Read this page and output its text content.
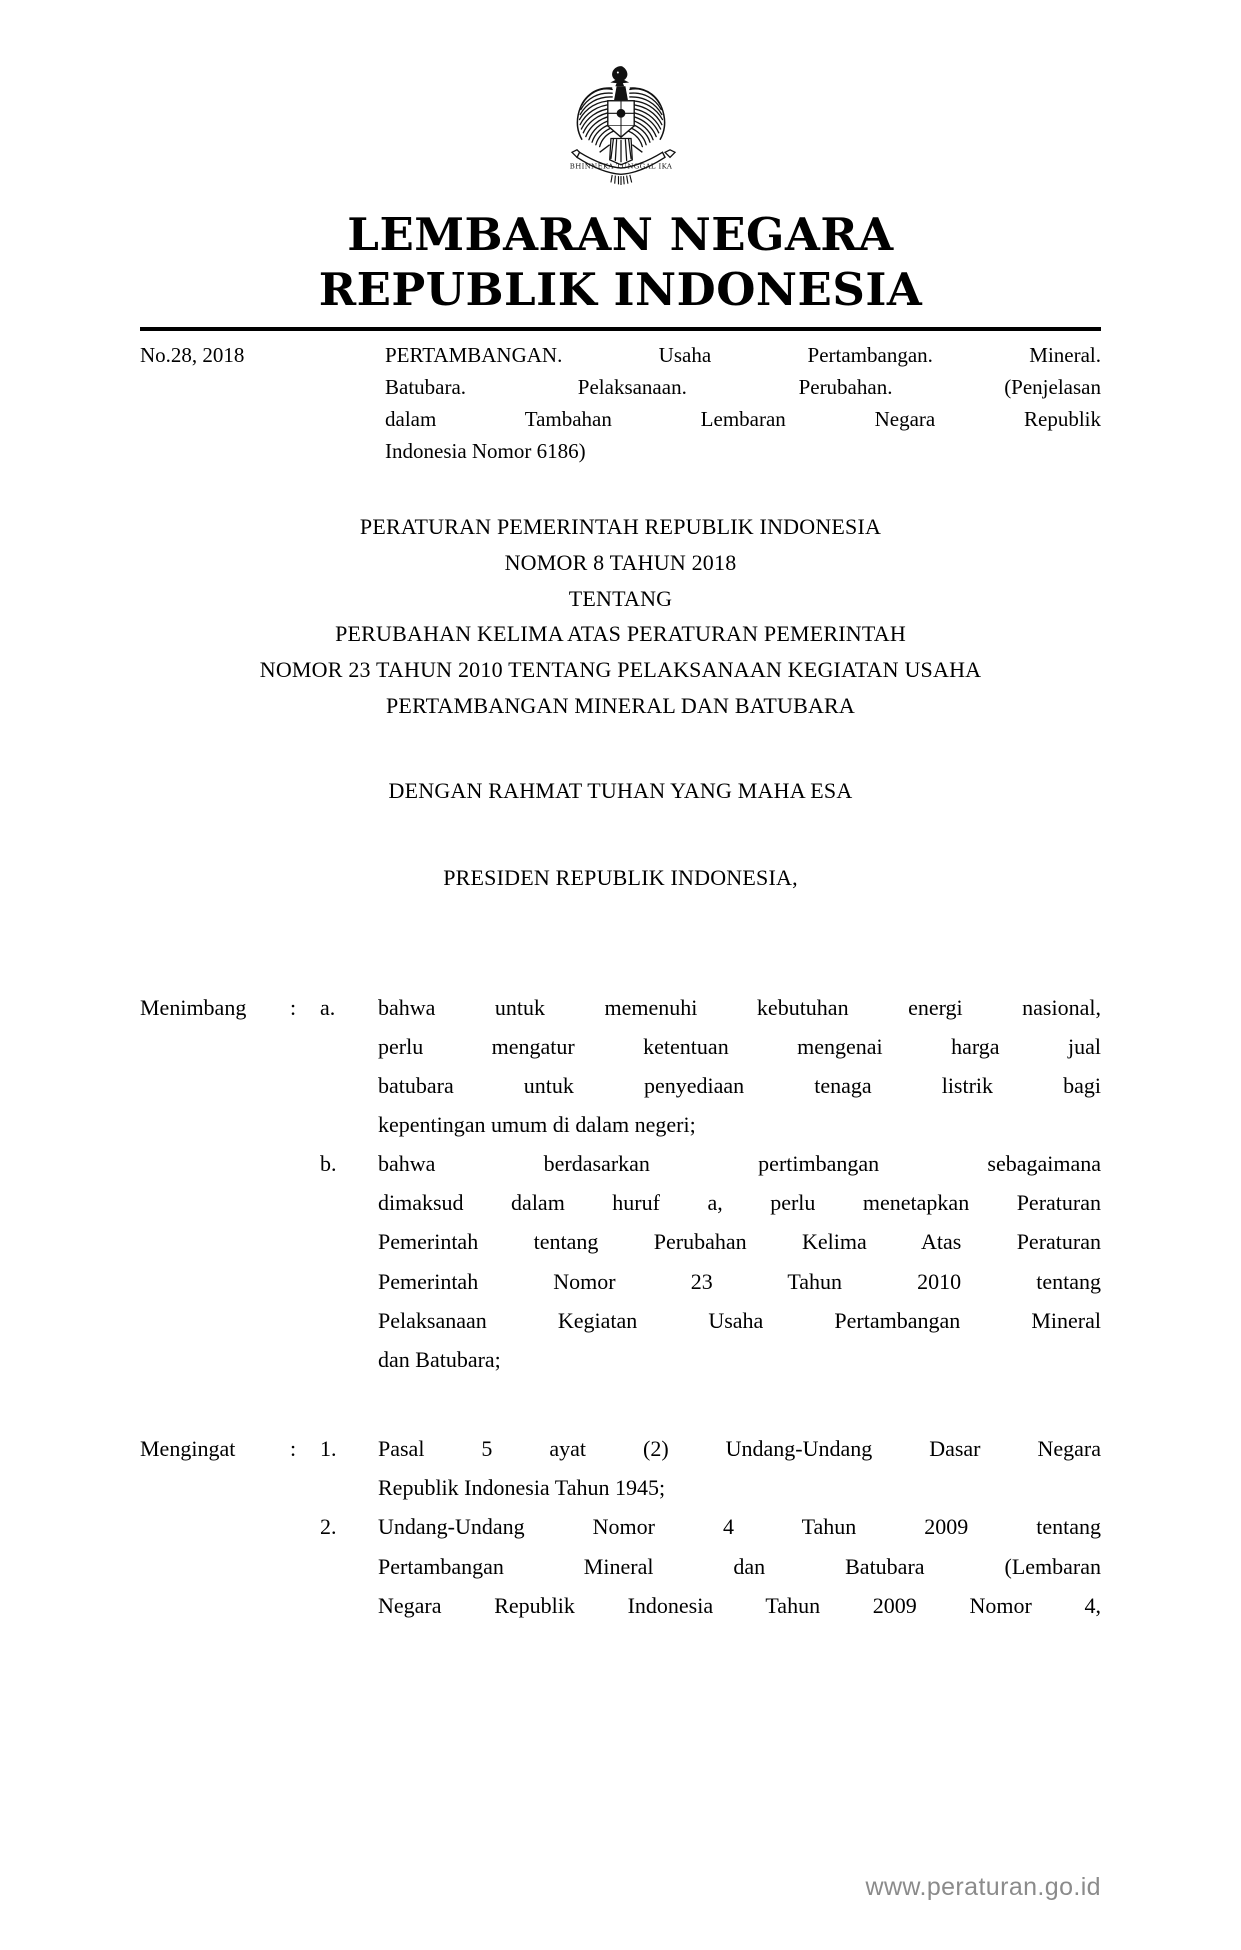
BHINNEKA TUNGGAL IKA
LEMBARAN NEGARA
REPUBLIK INDONESIA
No.28, 2018	PERTAMBANGAN. Usaha Pertambangan. Mineral.
Batubara. Pelaksanaan. Perubahan. (Penjelasan
dalam Tambahan Lembaran Negara Republik
Indonesia Nomor 6186)
PERATURAN PEMERINTAH REPUBLIK INDONESIA
NOMOR 8 TAHUN 2018
TENTANG
PERUBAHAN KELIMA ATAS PERATURAN PEMERINTAH
NOMOR 23 TAHUN 2010 TENTANG PELAKSANAAN KEGIATAN USAHA
PERTAMBANGAN MINERAL DAN BATUBARA
DENGAN RAHMAT TUHAN YANG MAHA ESA
PRESIDEN REPUBLIK INDONESIA,
Menimbang	:	a.	bahwa untuk memenuhi kebutuhan energi nasional,
perlu mengatur ketentuan mengenai harga jual
batubara untuk penyediaan tenaga listrik bagi
kepentingan umum di dalam negeri;
b.	bahwa berdasarkan pertimbangan sebagaimana
dimaksud dalam huruf a, perlu menetapkan Peraturan
Pemerintah tentang Perubahan Kelima Atas Peraturan
Pemerintah Nomor 23 Tahun 2010 tentang
Pelaksanaan Kegiatan Usaha Pertambangan Mineral
dan Batubara;
Mengingat	:	1.	Pasal 5 ayat (2) Undang-Undang Dasar Negara
Republik Indonesia Tahun 1945;
2.	Undang-Undang Nomor 4 Tahun 2009 tentang
Pertambangan Mineral dan Batubara (Lembaran
Negara Republik Indonesia Tahun 2009 Nomor 4,
www.peraturan.go.id
